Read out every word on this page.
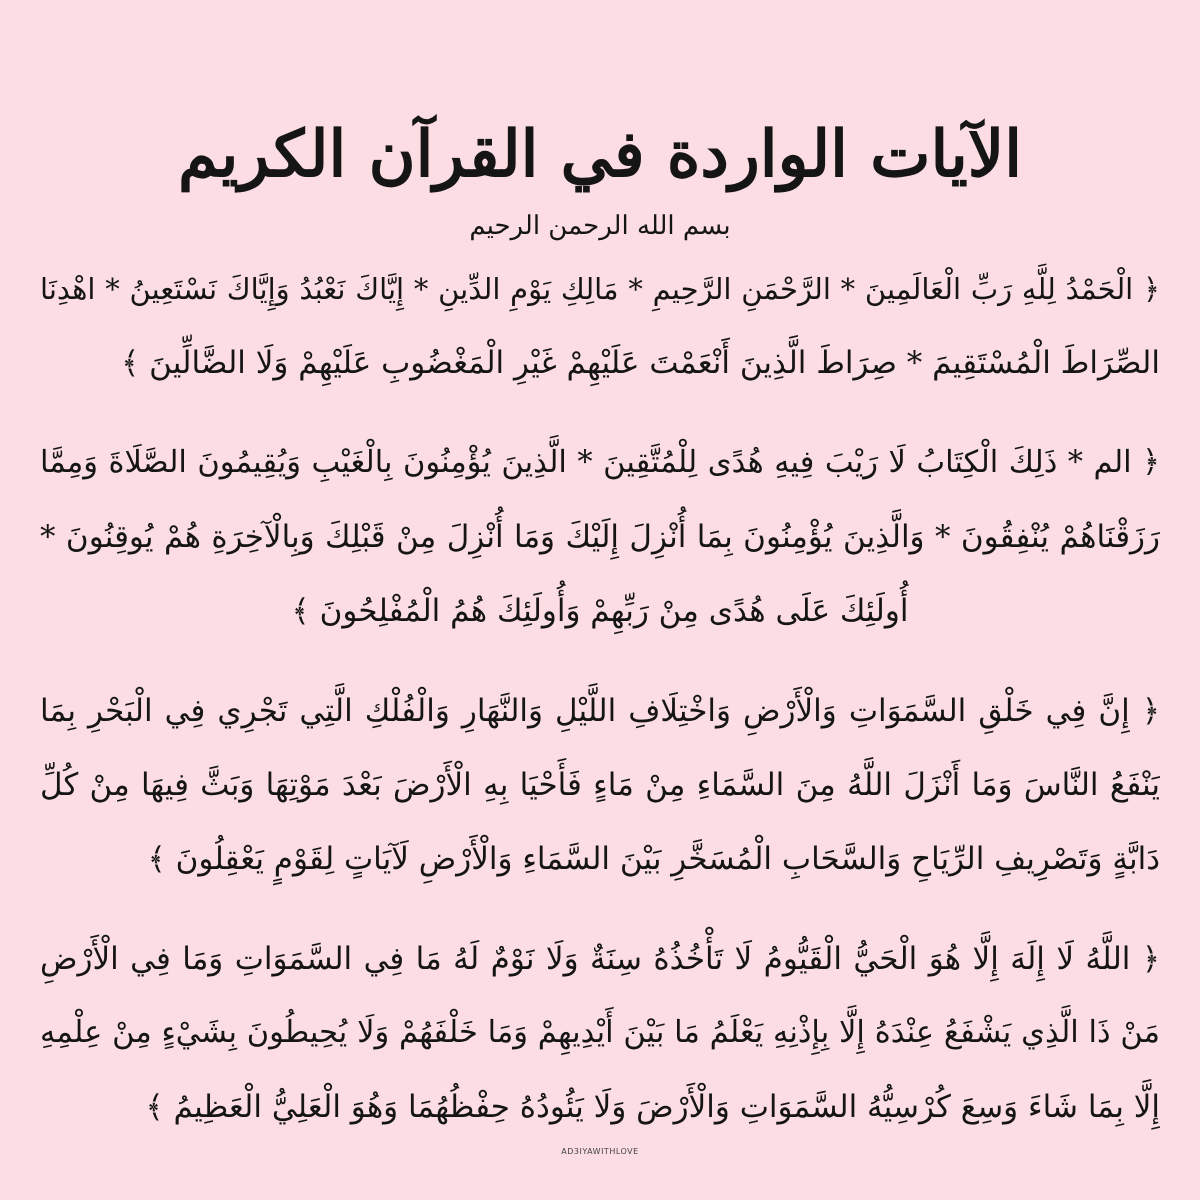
الآيات الواردة في القرآن الكريم
بسم الله الرحمن الرحيم
﴿ الْحَمْدُ لِلَّهِ رَبِّ الْعَالَمِينَ * الرَّحْمَنِ الرَّحِيمِ * مَالِكِ يَوْمِ الدِّينِ * إِيَّاكَ نَعْبُدُ وَإِيَّاكَ نَسْتَعِينُ * اهْدِنَا
الصِّرَاطَ الْمُسْتَقِيمَ * صِرَاطَ الَّذِينَ أَنْعَمْتَ عَلَيْهِمْ غَيْرِ الْمَغْضُوبِ عَلَيْهِمْ وَلَا الضَّالِّينَ ﴾
﴿ الم * ذَلِكَ الْكِتَابُ لَا رَيْبَ فِيهِ هُدًى لِلْمُتَّقِينَ * الَّذِينَ يُؤْمِنُونَ بِالْغَيْبِ وَيُقِيمُونَ الصَّلَاةَ وَمِمَّا
رَزَقْنَاهُمْ يُنْفِقُونَ * وَالَّذِينَ يُؤْمِنُونَ بِمَا أُنْزِلَ إِلَيْكَ وَمَا أُنْزِلَ مِنْ قَبْلِكَ وَبِالْآخِرَةِ هُمْ يُوقِنُونَ *
أُولَئِكَ عَلَى هُدًى مِنْ رَبِّهِمْ وَأُولَئِكَ هُمُ الْمُفْلِحُونَ ﴾
﴿ إِنَّ فِي خَلْقِ السَّمَوَاتِ وَالْأَرْضِ وَاخْتِلَافِ اللَّيْلِ وَالنَّهَارِ وَالْفُلْكِ الَّتِي تَجْرِي فِي الْبَحْرِ بِمَا
يَنْفَعُ النَّاسَ وَمَا أَنْزَلَ اللَّهُ مِنَ السَّمَاءِ مِنْ مَاءٍ فَأَحْيَا بِهِ الْأَرْضَ بَعْدَ مَوْتِهَا وَبَثَّ فِيهَا مِنْ كُلِّ
دَابَّةٍ وَتَصْرِيفِ الرِّيَاحِ وَالسَّحَابِ الْمُسَخَّرِ بَيْنَ السَّمَاءِ وَالْأَرْضِ لَآيَاتٍ لِقَوْمٍ يَعْقِلُونَ ﴾
﴿ اللَّهُ لَا إِلَهَ إِلَّا هُوَ الْحَيُّ الْقَيُّومُ لَا تَأْخُذُهُ سِنَةٌ وَلَا نَوْمٌ لَهُ مَا فِي السَّمَوَاتِ وَمَا فِي الْأَرْضِ
مَنْ ذَا الَّذِي يَشْفَعُ عِنْدَهُ إِلَّا بِإِذْنِهِ يَعْلَمُ مَا بَيْنَ أَيْدِيهِمْ وَمَا خَلْفَهُمْ وَلَا يُحِيطُونَ بِشَيْءٍ مِنْ عِلْمِهِ
إِلَّا بِمَا شَاءَ وَسِعَ كُرْسِيُّهُ السَّمَوَاتِ وَالْأَرْضَ وَلَا يَئُودُهُ حِفْظُهُمَا وَهُوَ الْعَلِيُّ الْعَظِيمُ ﴾
AD3IYAWITHLOVE
